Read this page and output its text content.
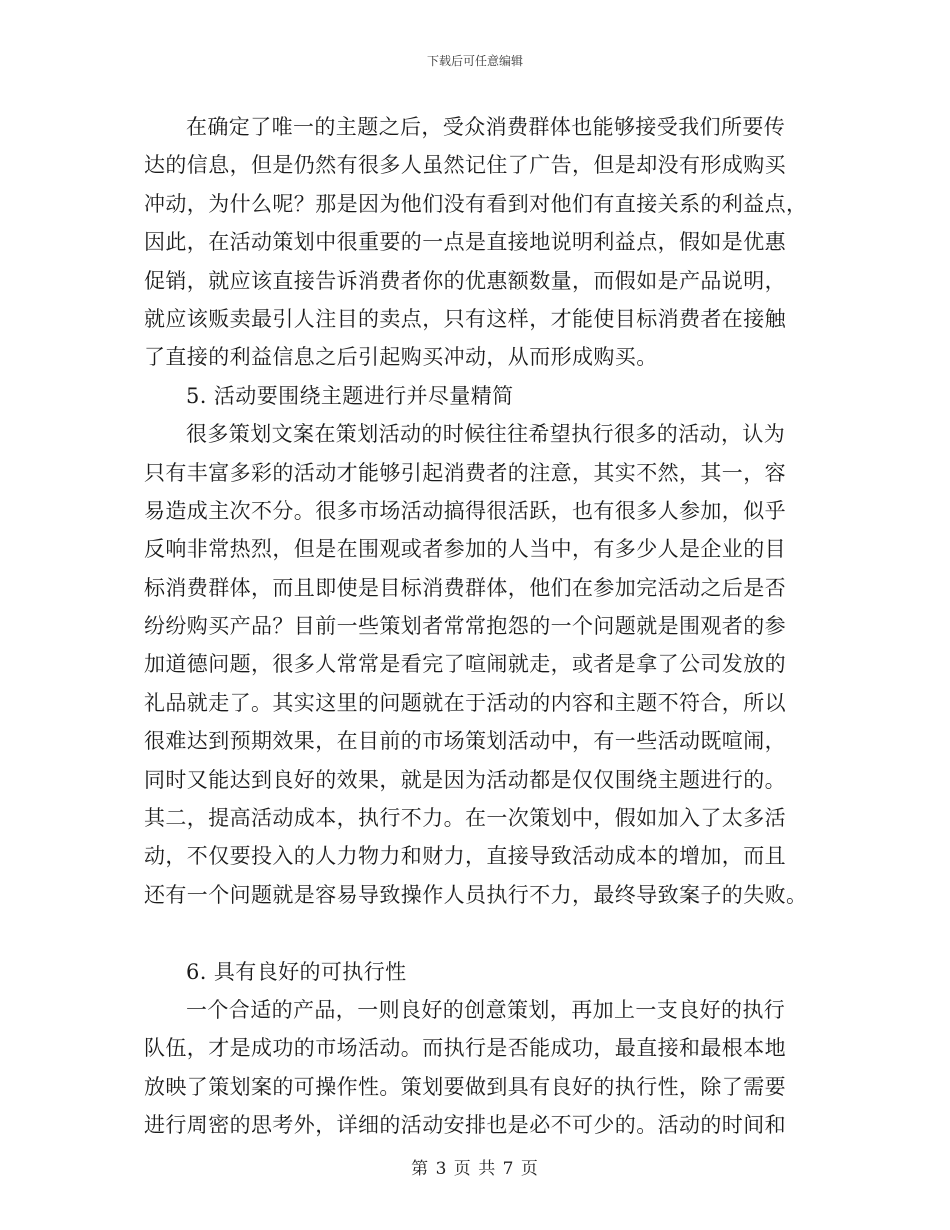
下载后可任意编辑
在确定了唯一的主题之后，受众消费群体也能够接受我们所要传
达的信息，但是仍然有很多人虽然记住了广告，但是却没有形成购买
冲动，为什么呢？那是因为他们没有看到对他们有直接关系的利益点，
因此，在活动策划中很重要的一点是直接地说明利益点，假如是优惠
促销，就应该直接告诉消费者你的优惠额数量，而假如是产品说明，
就应该贩卖最引人注目的卖点，只有这样，才能使目标消费者在接触
了直接的利益信息之后引起购买冲动，从而形成购买。
5. 活动要围绕主题进行并尽量精简
很多策划文案在策划活动的时候往往希望执行很多的活动，认为
只有丰富多彩的活动才能够引起消费者的注意，其实不然，其一，容
易造成主次不分。很多市场活动搞得很活跃，也有很多人参加，似乎
反响非常热烈，但是在围观或者参加的人当中，有多少人是企业的目
标消费群体，而且即使是目标消费群体，他们在参加完活动之后是否
纷纷购买产品？目前一些策划者常常抱怨的一个问题就是围观者的参
加道德问题，很多人常常是看完了喧闹就走，或者是拿了公司发放的
礼品就走了。其实这里的问题就在于活动的内容和主题不符合，所以
很难达到预期效果，在目前的市场策划活动中，有一些活动既喧闹，
同时又能达到良好的效果，就是因为活动都是仅仅围绕主题进行的。
其二，提高活动成本，执行不力。在一次策划中，假如加入了太多活
动，不仅要投入的人力物力和财力，直接导致活动成本的增加，而且
还有一个问题就是容易导致操作人员执行不力，最终导致案子的失败。
6. 具有良好的可执行性
一个合适的产品，一则良好的创意策划，再加上一支良好的执行
队伍，才是成功的市场活动。而执行是否能成功，最直接和最根本地
放映了策划案的可操作性。策划要做到具有良好的执行性，除了需要
进行周密的思考外，详细的活动安排也是必不可少的。活动的时间和
第 3 页 共 7 页
